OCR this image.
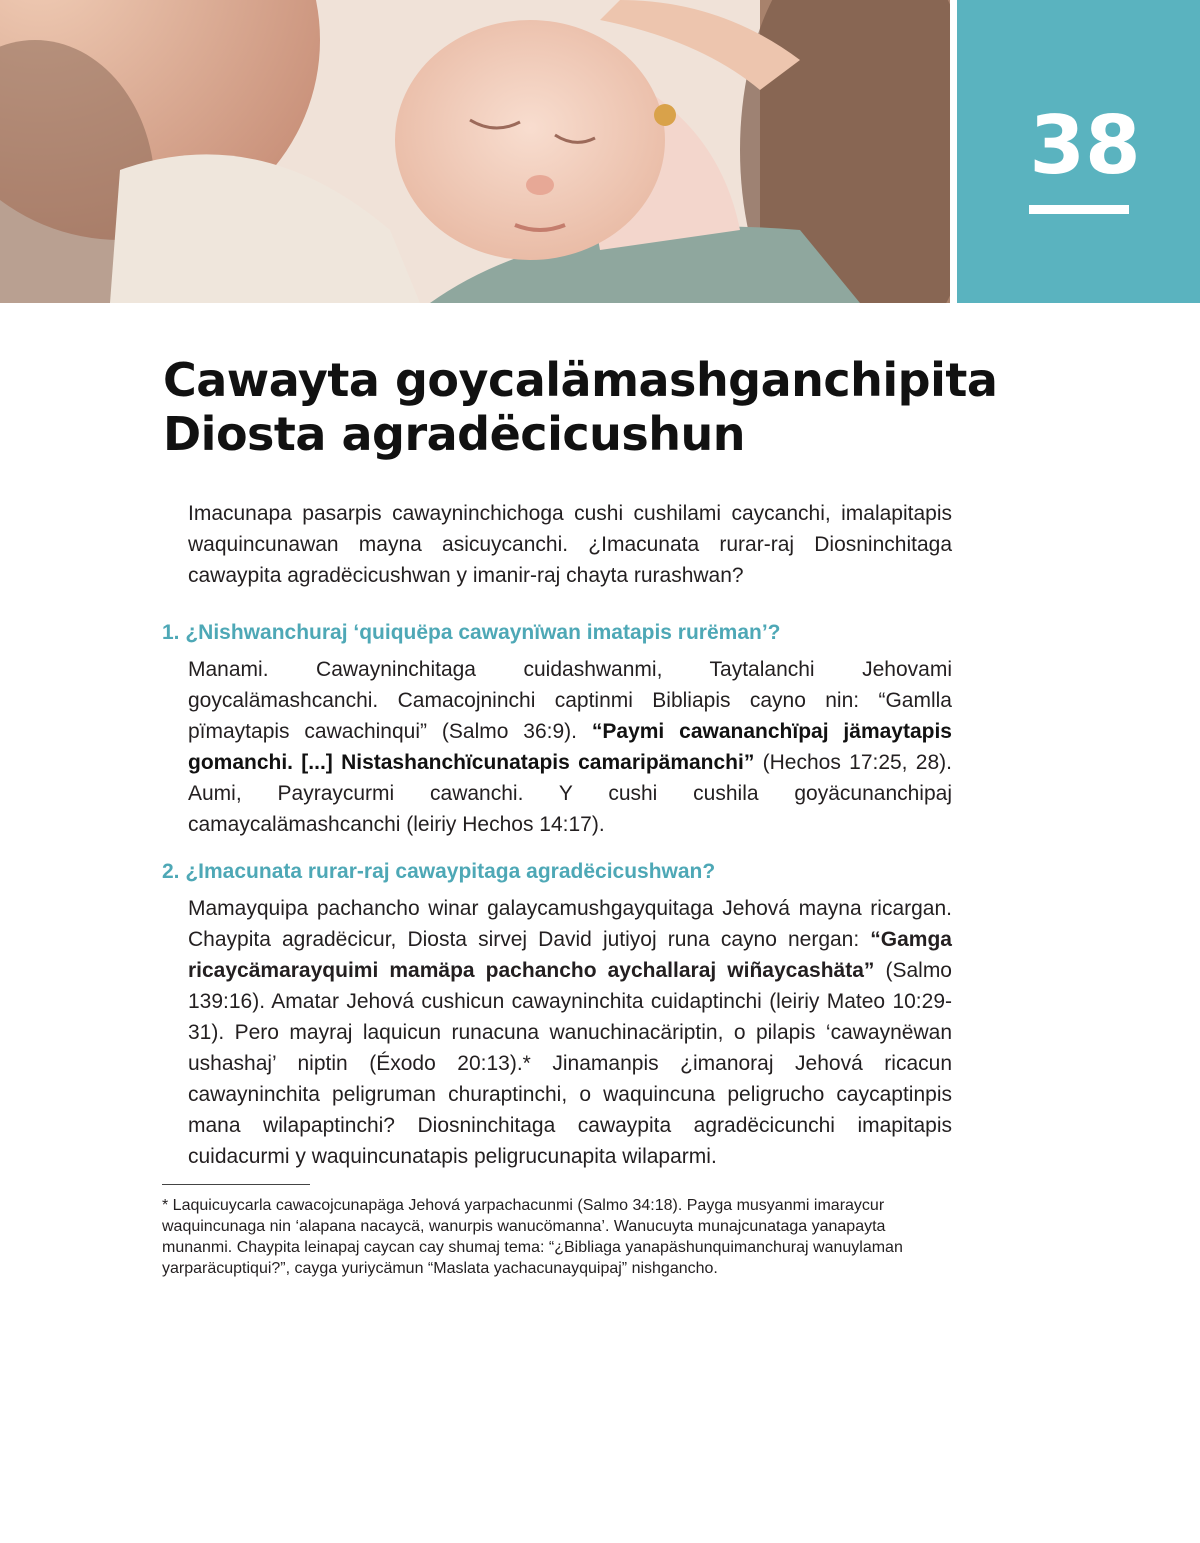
38
Cawayta goycalämashganchipita
Diosta agradëcicushun

Imacunapa pasarpis cawayninchichoga cushi cushilami caycanchi, imalapitapis waquincunawan mayna asicuycanchi. ¿Imacunata rurar-raj Diosninchitaga cawaypita agradëcicushwan y imanir-raj chayta rurashwan?

1. ¿Nishwanchuraj ‘quiquëpa cawaynïwan imatapis rurëman’?

Manami. Cawayninchitaga cuidashwanmi, Taytalanchi Jehovami goycalämashcanchi. Camacojninchi captinmi Bibliapis cayno nin: “Gamlla pïmaytapis cawachinqui” (Salmo 36:9). “Paymi cawananchïpaj jämaytapis gomanchi. [...] Nistashanchïcunatapis camaripämanchi” (Hechos 17:25, 28). Aumi, Payraycurmi cawanchi. Y cushi cushila goyäcunanchipaj camaycalämashcanchi (leiriy Hechos 14:17).

2. ¿Imacunata rurar-raj cawaypitaga agradëcicushwan?

Mamayquipa pachancho winar galaycamushgayquitaga Jehová mayna ricargan. Chaypita agradëcicur, Diosta sirvej David jutiyoj runa cayno nergan: “Gamga ricaycämarayquimi mamäpa pachancho aychallaraj wiñaycashäta” (Salmo 139:16). Amatar Jehová cushicun cawayninchita cuidaptinchi (leiriy Mateo 10:29-31). Pero mayraj laquicun runacuna wanuchinacäriptin, o pilapis ‘cawaynëwan ushashaj’ niptin (Éxodo 20:13).* Jinamanpis ¿imanoraj Jehová ricacun cawayninchita peligruman churaptinchi, o waquincuna peligrucho caycaptinpis mana wilapaptinchi? Diosninchitaga cawaypita agradëcicunchi imapitapis cuidacurmi y waquincunatapis peligrucunapita wilaparmi.

* Laquicuycarla cawacojcunapäga Jehová yarpachacunmi (Salmo 34:18). Payga musyanmi imaraycur waquincunaga nin ‘alapana nacaycä, wanurpis wanucömanna’. Wanucuyta munajcunataga yanapayta munanmi. Chaypita leinapaj caycan cay shumaj tema: “¿Bibliaga yanapäshunquimanchuraj wanuylaman yarparäcuptiqui?”, cayga yuriycämun “Maslata yachacunayquipaj” nishgancho.
